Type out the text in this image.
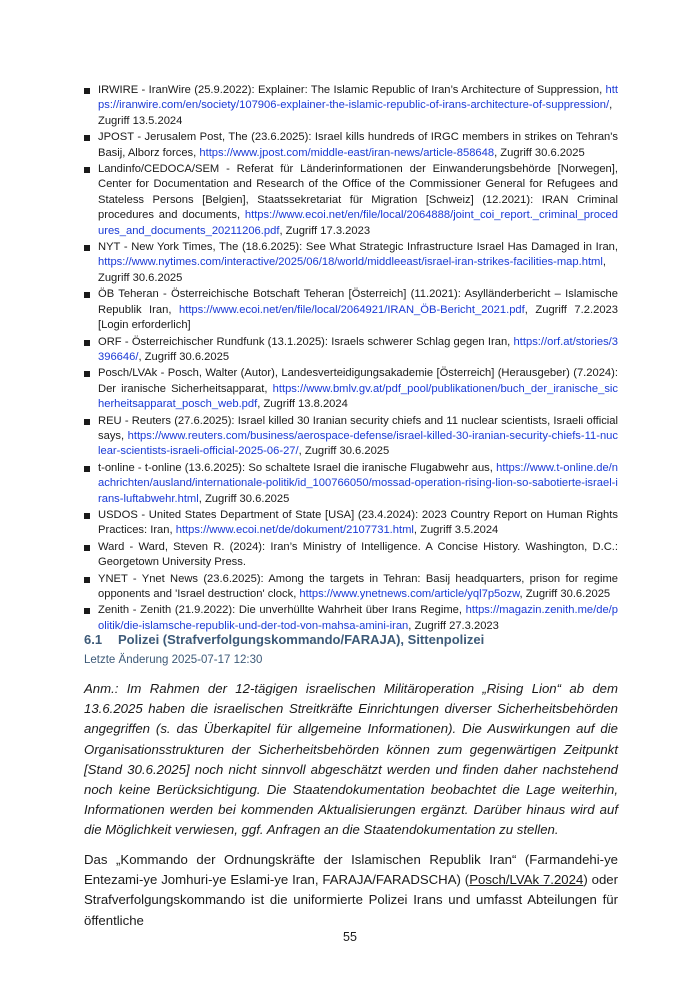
IRWIRE - IranWire (25.9.2022): Explainer: The Islamic Republic of Iran’s Architecture of Suppression, https://iranwire.com/en/society/107906-explainer-the-islamic-republic-of-irans-architecture-of-suppression/, Zugriff 13.5.2024
JPOST - Jerusalem Post, The (23.6.2025): Israel kills hundreds of IRGC members in strikes on Tehran's Basij, Alborz forces, https://www.jpost.com/middle-east/iran-news/article-858648, Zugriff 30.6.2025
Landinfo/CEDOCA/SEM - Referat für Länderinformationen der Einwanderungsbehörde [Norwegen], Center for Documentation and Research of the Office of the Commissioner General for Refugees and Stateless Persons [Belgien], Staatssekretariat für Migration [Schweiz] (12.2021): IRAN Criminal procedures and documents, https://www.ecoi.net/en/file/local/2064888/joint_coi_report._criminal_procedures_and_documents_20211206.pdf, Zugriff 17.3.2023
NYT - New York Times, The (18.6.2025): See What Strategic Infrastructure Israel Has Damaged in Iran, https://www.nytimes.com/interactive/2025/06/18/world/middleeast/israel-iran-strikes-facilities-map.html, Zugriff 30.6.2025
ÖB Teheran - Österreichische Botschaft Teheran [Österreich] (11.2021): Asylländerbericht – Islamische Republik Iran, https://www.ecoi.net/en/file/local/2064921/IRAN_ÖB-Bericht_2021.pdf, Zugriff 7.2.2023 [Login erforderlich]
ORF - Österreichischer Rundfunk (13.1.2025): Israels schwerer Schlag gegen Iran, https://orf.at/stories/3396646/, Zugriff 30.6.2025
Posch/LVAk - Posch, Walter (Autor), Landesverteidigungsakademie [Österreich] (Herausgeber) (7.2024): Der iranische Sicherheitsapparat, https://www.bmlv.gv.at/pdf_pool/publikationen/buch_der_iranische_sicherheitsapparat_posch_web.pdf, Zugriff 13.8.2024
REU - Reuters (27.6.2025): Israel killed 30 Iranian security chiefs and 11 nuclear scientists, Israeli official says, https://www.reuters.com/business/aerospace-defense/israel-killed-30-iranian-security-chiefs-11-nuclear-scientists-israeli-official-2025-06-27/, Zugriff 30.6.2025
t-online - t-online (13.6.2025): So schaltete Israel die iranische Flugabwehr aus, https://www.t-online.de/nachrichten/ausland/internationale-politik/id_100766050/mossad-operation-rising-lion-so-sabotierte-israel-irans-luftabwehr.html, Zugriff 30.6.2025
USDOS - United States Department of State [USA] (23.4.2024): 2023 Country Report on Human Rights Practices: Iran, https://www.ecoi.net/de/dokument/2107731.html, Zugriff 3.5.2024
Ward - Ward, Steven R. (2024): Iran’s Ministry of Intelligence. A Concise History. Washington, D.C.: Georgetown University Press.
YNET - Ynet News (23.6.2025): Among the targets in Tehran: Basij headquarters, prison for regime opponents and 'Israel destruction' clock, https://www.ynetnews.com/article/yql7p5ozw, Zugriff 30.6.2025
Zenith - Zenith (21.9.2022): Die unverhüllte Wahrheit über Irans Regime, https://magazin.zenith.me/de/politik/die-islamsche-republik-und-der-tod-von-mahsa-amini-iran, Zugriff 27.3.2023
6.1 Polizei (Strafverfolgungskommando/FARAJA), Sittenpolizei
Letzte Änderung 2025-07-17 12:30

Anm.: Im Rahmen der 12-tägigen israelischen Militäroperation „Rising Lion“ ab dem 13.6.2025 haben die israelischen Streitkräfte Einrichtungen diverser Sicherheitsbehörden angegriffen (s. das Überkapitel für allgemeine Informationen). Die Auswirkungen auf die Organisationsstrukturen der Sicherheitsbehörden können zum gegenwärtigen Zeitpunkt [Stand 30.6.2025] noch nicht sinnvoll abgeschätzt werden und finden daher nachstehend noch keine Berücksichtigung. Die Staatendokumentation beobachtet die Lage weiterhin, Informationen werden bei kommenden Aktualisierungen ergänzt. Darüber hinaus wird auf die Möglichkeit verwiesen, ggf. Anfragen an die Staatendokumentation zu stellen.

Das „Kommando der Ordnungskräfte der Islamischen Republik Iran“ (Farmandehi-ye Entezami-ye Jomhuri-ye Eslami-ye Iran, FARAJA/FARADSCHA) (Posch/LVAk 7.2024) oder Strafverfolgungskommando ist die uniformierte Polizei Irans und umfasst Abteilungen für öffentliche

55
